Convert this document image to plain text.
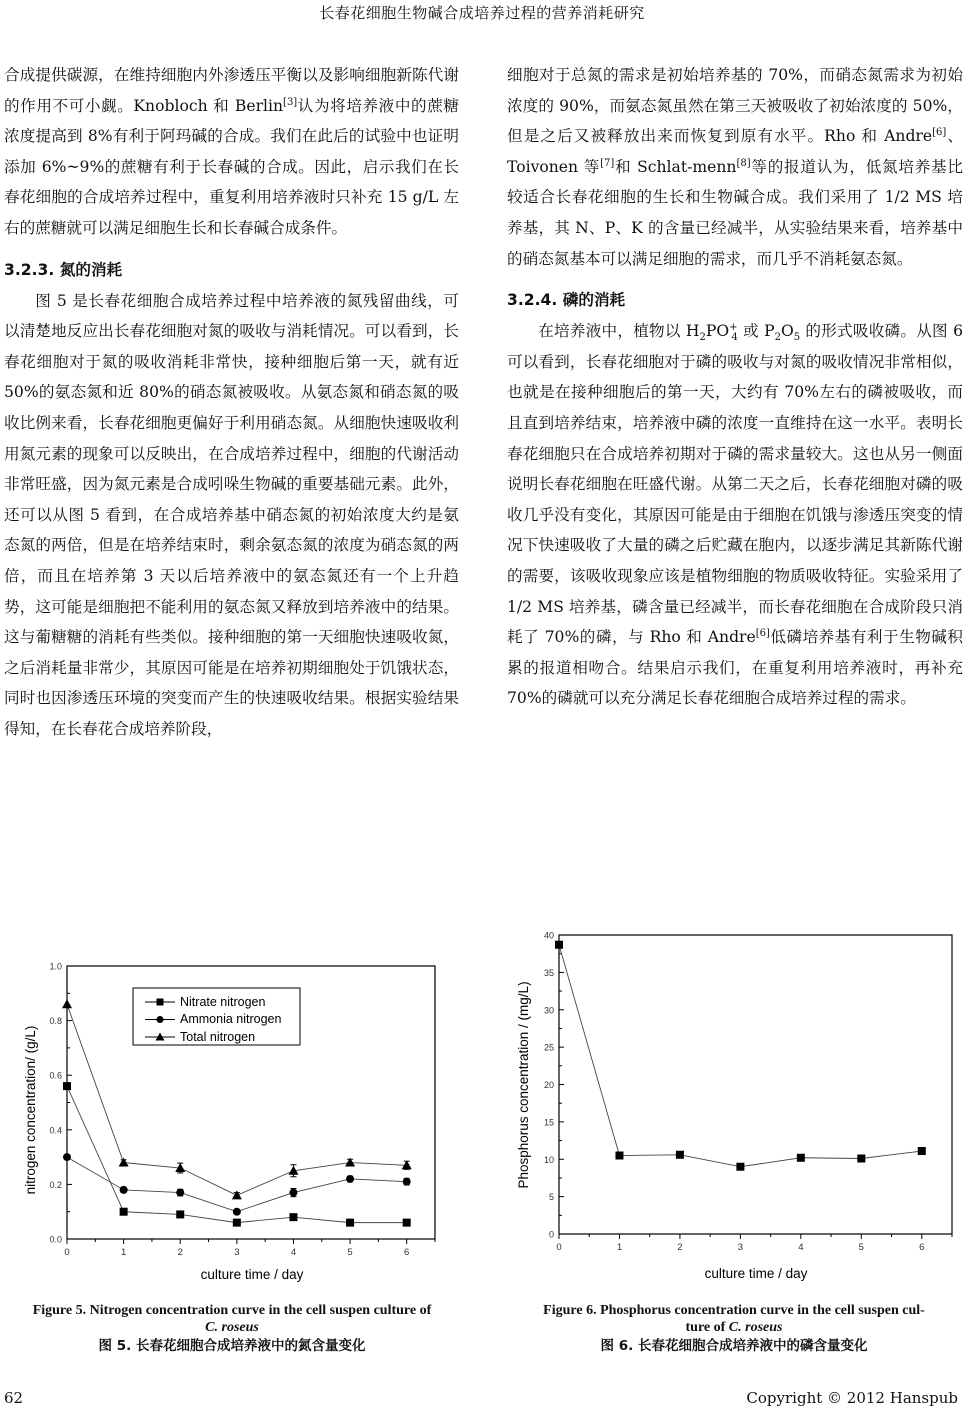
长春花细胞生物碱合成培养过程的营养消耗研究

合成提供碳源，在维持细胞内外渗透压平衡以及影响细胞新陈代谢的作用不可小觑。Knobloch 和 Berlin[3]认为将培养液中的蔗糖浓度提高到 8%有利于阿玛碱的合成。我们在此后的试验中也证明添加 6%~9%的蔗糖有利于长春碱的合成。因此，启示我们在长春花细胞的合成培养过程中，重复利用培养液时只补充 15 g/L 左右的蔗糖就可以满足细胞生长和长春碱合成条件。

3.2.3. 氮的消耗

图 5 是长春花细胞合成培养过程中培养液的氮残留曲线，可以清楚地反应出长春花细胞对氮的吸收与消耗情况。可以看到，长春花细胞对于氮的吸收消耗非常快，接种细胞后第一天，就有近 50%的氨态氮和近 80%的硝态氮被吸收。从氨态氮和硝态氮的吸收比例来看，长春花细胞更偏好于利用硝态氮。从细胞快速吸收利用氮元素的现象可以反映出，在合成培养过程中，细胞的代谢活动非常旺盛，因为氮元素是合成吲哚生物碱的重要基础元素。此外，还可以从图 5 看到，在合成培养基中硝态氮的初始浓度大约是氨态氮的两倍，但是在培养结束时，剩余氨态氮的浓度为硝态氮的两倍，而且在培养第 3 天以后培养液中的氨态氮还有一个上升趋势，这可能是细胞把不能利用的氨态氮又释放到培养液中的结果。这与葡糖糖的消耗有些类似。接种细胞的第一天细胞快速吸收氮，之后消耗量非常少，其原因可能是在培养初期细胞处于饥饿状态，同时也因渗透压环境的突变而产生的快速吸收结果。根据实验结果得知，在长春花合成培养阶段，

细胞对于总氮的需求是初始培养基的 70%，而硝态氮需求为初始浓度的 90%，而氨态氮虽然在第三天被吸收了初始浓度的 50%，但是之后又被释放出来而恢复到原有水平。Rho 和 Andre[6]、Toivonen 等[7]和 Schlat-menn[8]等的报道认为，低氮培养基比较适合长春花细胞的生长和生物碱合成。我们采用了 1/2 MS 培养基，其 N、P、K 的含量已经减半，从实验结果来看，培养基中的硝态氮基本可以满足细胞的需求，而几乎不消耗氨态氮。

3.2.4. 磷的消耗

在培养液中，植物以 $H_2PO^+_4$ 或 $P_2O_5$ 的形式吸收磷。从图 6 可以看到，长春花细胞对于磷的吸收与对氮的吸收情况非常相似，也就是在接种细胞后的第一天，大约有 70%左右的磷被吸收，而且直到培养结束，培养液中磷的浓度一直维持在这一水平。表明长春花细胞只在合成培养初期对于磷的需求量较大。这也从另一侧面说明长春花细胞在旺盛代谢。从第二天之后，长春花细胞对磷的吸收几乎没有变化，其原因可能是由于细胞在饥饿与渗透压突变的情况下快速吸收了大量的磷之后贮藏在胞内，以逐步满足其新陈代谢的需要，该吸收现象应该是植物细胞的物质吸收特征。实验采用了 1/2 MS 培养基，磷含量已经减半，而长春花细胞在合成阶段只消耗了 70%的磷，与 Rho 和 Andre[6]低磷培养基有利于生物碱积累的报道相吻合。结果启示我们，在重复利用培养液时，再补充 70%的磷就可以充分满足长春花细胞合成培养过程的需求。

0.0
0.2
0.4
0.6
0.8
1.0
0	1	2	3	4	5	6
Nitrate nitrogen
Ammonia nitrogen
Total nitrogen
culture time / day
nitrogen concentration/ (g/L)
0
5
10
15
20
25
30
35
40
0	1	2	3	4	5	6
culture time / day
Phosphorus concentration / (mg/L)
Figure 5. Nitrogen concentration curve in the cell suspen culture of
C. roseus
图 5. 长春花细胞合成培养液中的氮含量变化
Figure 6. Phosphorus concentration curve in the cell suspen cul-
ture of C. roseus
图 6. 长春花细胞合成培养液中的磷含量变化
62	Copyright © 2012 Hanspub
